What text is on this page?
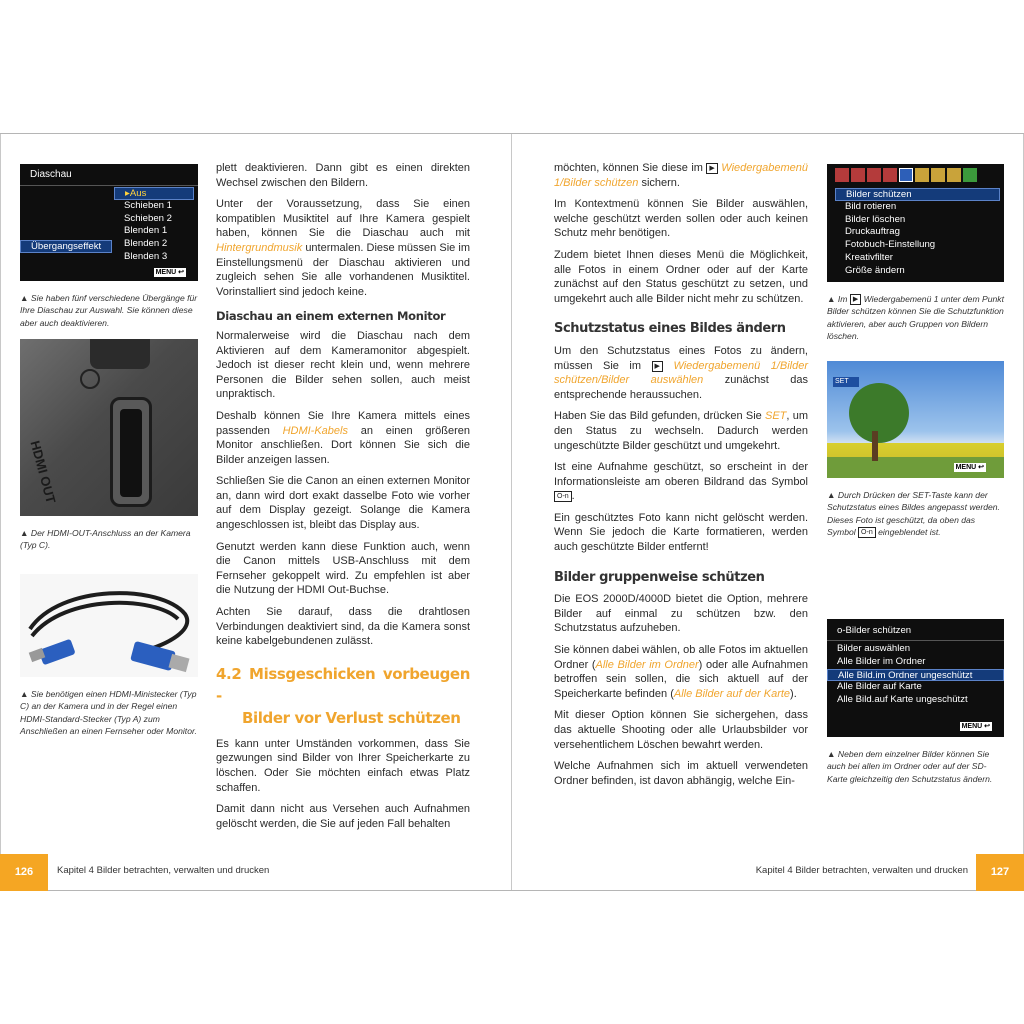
Diaschau
Übergangseffekt
▸Aus
Schieben 1
Schieben 2
Blenden 1
Blenden 2
Blenden 3
MENU ↩
▲ Sie haben fünf verschiedene Übergänge für Ihre Diaschau zur Auswahl. Sie können diese aber auch deaktivieren.
HDMI OUT
▲ Der HDMI-OUT-Anschluss an der Kamera (Typ C).
▲ Sie benötigen einen HDMI-Ministecker (Typ C) an der Kamera und in der Regel einen HDMI-Standard-Stecker (Typ A) zum Anschließen an einen Fernseher oder Monitor.

plett deaktivieren. Dann gibt es einen direkten Wechsel zwischen den Bildern.

Unter der Voraussetzung, dass Sie einen kompatiblen Musiktitel auf Ihre Kamera gespielt haben, können Sie die Diaschau auch mit Hintergrundmusik untermalen. Diese müssen Sie im Einstellungsmenü der Diaschau aktivieren und zugleich sehen Sie alle vorhandenen Musiktitel. Vorinstalliert sind jedoch keine.

Diaschau an einem externen Monitor

Normalerweise wird die Diaschau nach dem Aktivieren auf dem Kameramonitor abgespielt. Jedoch ist dieser recht klein und, wenn mehrere Personen die Bilder sehen sollen, auch meist unpraktisch.

Deshalb können Sie Ihre Kamera mittels eines passenden HDMI-Kabels an einen größeren Monitor anschließen. Dort können Sie sich die Bilder anzeigen lassen.

Schließen Sie die Canon an einen externen Monitor an, dann wird dort exakt dasselbe Foto wie vorher auf dem Display gezeigt. Solange die Kamera angeschlossen ist, bleibt das Display aus.

Genutzt werden kann diese Funktion auch, wenn die Canon mittels USB-Anschluss mit dem Fernseher gekoppelt wird. Zu empfehlen ist aber die Nutzung der HDMI Out-Buchse.

Achten Sie darauf, dass die drahtlosen Verbindungen deaktiviert sind, da die Kamera sonst keine kabelgebundenen zulässt.

4.2 Missgeschicken vorbeugen -
Bilder vor Verlust schützen

Es kann unter Umständen vorkommen, dass Sie gezwungen sind Bilder von Ihrer Speicherkarte zu löschen. Oder Sie möchten einfach etwas Platz schaffen.

Damit dann nicht aus Versehen auch Aufnahmen gelöscht werden, die Sie auf jeden Fall behalten

126	Kapitel 4 Bilder betrachten, verwalten und drucken

möchten, können Sie diese im ▶ Wiedergabemenü 1/Bilder schützen sichern.

Im Kontextmenü können Sie Bilder auswählen, welche geschützt werden sollen oder auch keinen Schutz mehr benötigen.

Zudem bietet Ihnen dieses Menü die Möglichkeit, alle Fotos in einem Ordner oder auf der Karte zunächst auf den Status geschützt zu setzen, und umgekehrt auch alle Bilder nicht mehr zu schützen.

Schutzstatus eines Bildes ändern

Um den Schutzstatus eines Fotos zu ändern, müssen Sie im ▶ Wiedergabemenü 1/Bilder schützen/Bilder auswählen zunächst das entsprechende heraussuchen.

Haben Sie das Bild gefunden, drücken Sie SET, um den Status zu wechseln. Dadurch werden ungeschützte Bilder geschützt und umgekehrt.

Ist eine Aufnahme geschützt, so erscheint in der Informationsleiste am oberen Bildrand das Symbol O-n .

Ein geschütztes Foto kann nicht gelöscht werden. Wenn Sie jedoch die Karte formatieren, werden auch geschützte Bilder entfernt!

Bilder gruppenweise schützen

Die EOS 2000D/4000D bietet die Option, mehrere Bilder auf einmal zu schützen bzw. den Schutzstatus aufzuheben.

Sie können dabei wählen, ob alle Fotos im aktuellen Ordner (Alle Bilder im Ordner) oder alle Aufnahmen betroffen sein sollen, die sich aktuell auf der Speicherkarte befinden (Alle Bilder auf der Karte).

Mit dieser Option können Sie sichergehen, dass das aktuelle Shooting oder alle Urlaubsbilder vor versehentlichem Löschen bewahrt werden.

Welche Aufnahmen sich im aktuell verwendeten Ordner befinden, ist davon abhängig, welche Ein-

Bilder schützen
Bild rotieren
Bilder löschen
Druckauftrag
Fotobuch-Einstellung
Kreativfilter
Größe ändern
▲ Im ▶ Wiedergabemenü 1 unter dem Punkt Bilder schützen können Sie die Schutzfunktion aktivieren, aber auch Gruppen von Bildern löschen.
SET
MENU ↩
▲ Durch Drücken der SET-Taste kann der Schutzstatus eines Bildes angepasst werden. Dieses Foto ist geschützt, da oben das Symbol O-n eingeblendet ist.
o-Bilder schützen
Bilder auswählen
Alle Bilder im Ordner
Alle Bild.im Ordner ungeschützt
Alle Bilder auf Karte
Alle Bild.auf Karte ungeschützt
MENU ↩
▲ Neben dem einzelner Bilder können Sie auch bei allen im Ordner oder auf der SD-Karte gleichzeitig den Schutzstatus ändern.
Kapitel 4 Bilder betrachten, verwalten und drucken	127
